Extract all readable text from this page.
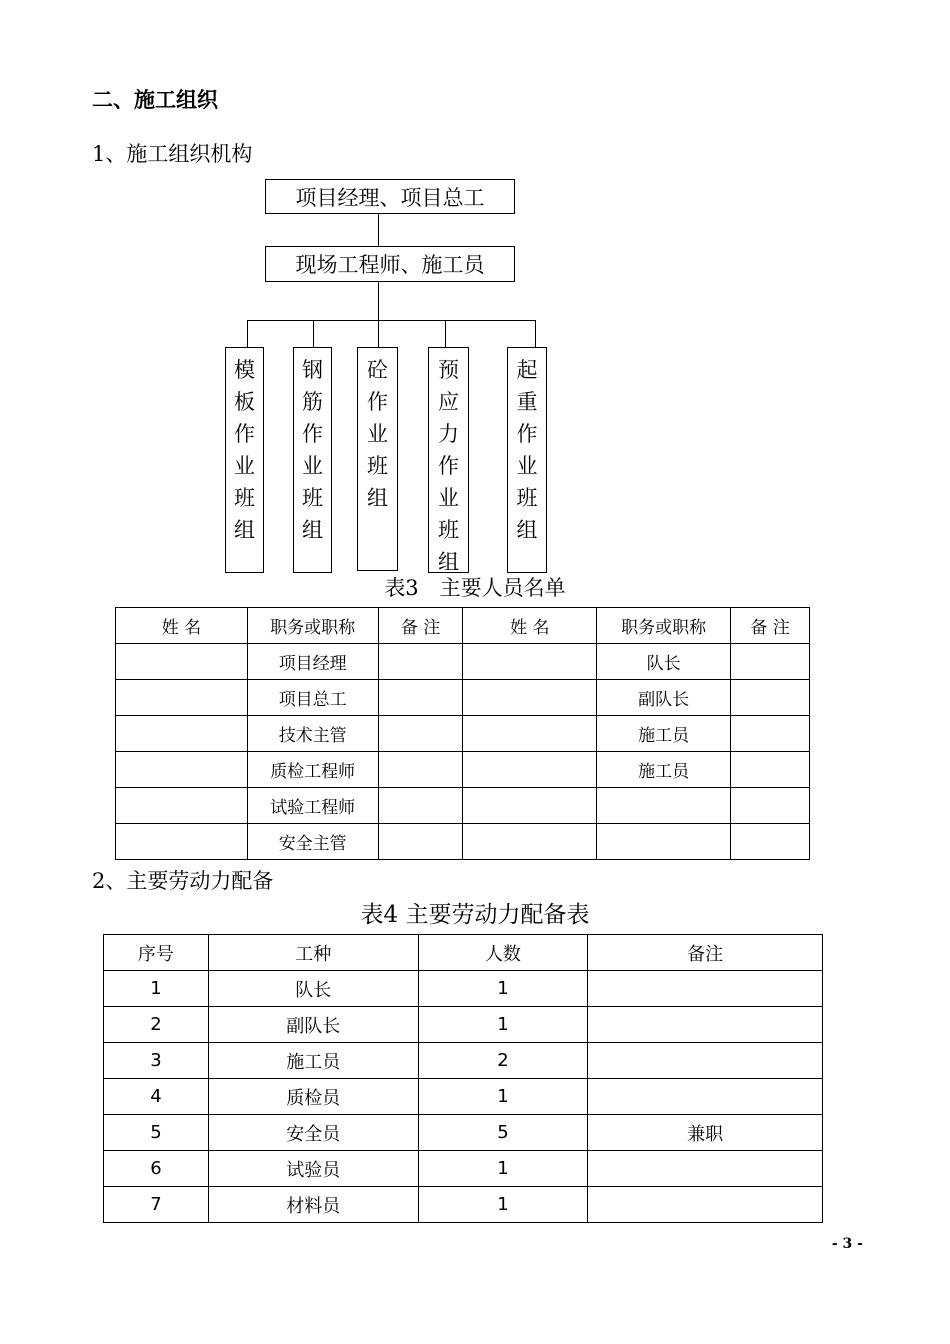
二、施工组织
1、施工组织机构
项目经理、项目总工
现场工程师、施工员
模
板
作
业
班
组
钢
筋
作
业
班
组
砼
作
业
班
组
预
应
力
作
业
班
组
起
重
作
业
班
组
表3　主要人员名单
姓 名	职务或职称	备 注	姓 名	职务或职称	备 注
	项目经理			队长	
	项目总工			副队长	
	技术主管			施工员	
	质检工程师			施工员	
	试验工程师				
	安全主管				
2、主要劳动力配备
表4 主要劳动力配备表
序号	工种	人数	备注
1	队长	1	
2	副队长	1	
3	施工员	2	
4	质检员	1	
5	安全员	5	兼职
6	试验员	1	
7	材料员	1	
- 3 -
